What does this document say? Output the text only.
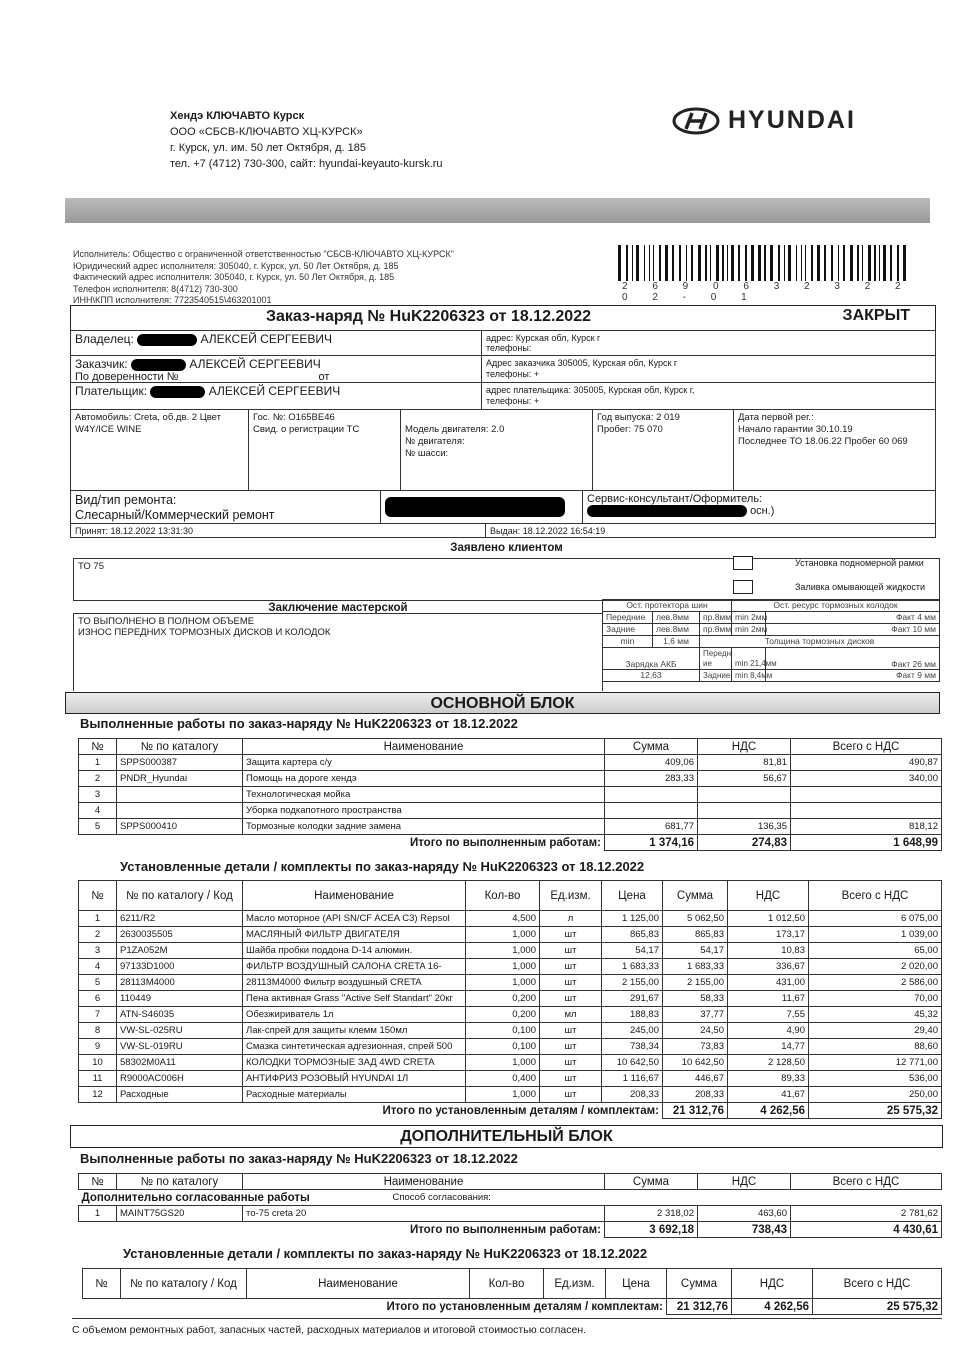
Хендэ КЛЮЧАВТО Курск
ООО «СБСВ-КЛЮЧАВТО ХЦ-КУРСК»
г. Курск, ул. им. 50 лет Октября, д. 185
тел. +7 (4712) 730-300, сайт: hyundai-keyauto-kursk.ru
HYUNDAI
Исполнитель: Общество с ограниченной ответственностью "СБСВ-КЛЮЧАВТО ХЦ-КУРСК"
Юридический адрес исполнителя: 305040, г. Курск, ул. 50 Лет Октября, д. 185
Фактический адрес исполнителя: 305040, г. Курск, ул. 50 Лет Октября, д. 185
Телефон исполнителя: 8(4712) 730-300
ИНН\КПП исполнителя: 7723540515\463201001
2 6 9 0 6 3 2 3 2 2 0 2 - 0 1
Заказ-наряд № HuK2206323 от 18.12.2022	ЗАКРЫТ
Владелец:	АЛЕКСЕЙ СЕРГЕЕВИЧ	адрес: Курская обл, Курск г
телефоны:
Заказчик:	АЛЕКСЕЙ СЕРГЕЕВИЧ
По доверенности №	от
Адрес заказчика 305005, Курская обл, Курск г
телефоны: +
Плательщик:	АЛЕКСЕЙ СЕРГЕЕВИЧ	адрес плательщика: 305005, Курская обл, Курск г,
телефоны: +
Автомобиль: Creta, об.дв. 2 Цвет
W4Y/ICE WINE
Гос. №: О165ВЕ46
Свид. о регистрации ТС	Модель двигателя: 2.0
№ двигателя:
№ шасси:
Год выпуска: 2 019
Пробег: 75 070
Дата первой рег.:
Начало гарантии 30.10.19
Последнее ТО 18.06.22 Пробег 60 069
Вид/тип ремонта:
Слесарный/Коммерческий ремонт
Сервис-консультант/Оформитель:
осн.)
Принят: 18.12.2022 13:31:30	Выдан: 18.12.2022 16:54:19
Заявлено клиентом
ТО 75	Установка подномерной рамки
Заливка омывающей жидкости
Заключение мастерской
ТО ВЫПОЛНЕНО В ПОЛНОМ ОБЪЕМЕ
ИЗНОС ПЕРЕДНИХ ТОРМОЗНЫХ ДИСКОВ И КОЛОДОК
Ост. протектора шин			Ост. ресурс тормозных колодок	
Передние	лев.8мм	пр.8мм	min 2мм	Факт 4 мм
Задние	лев.8мм	пр.8мм	min 2мм	Факт 10 мм
min	1,6 мм	Толщина тормозных дисков		
Зарядка АКБ		Передн ие	min 21,4мм	Факт 26 мм
12,63		Задние	min 8,4мм	Факт 9 мм
ОСНОВНОЙ БЛОК
Выполненные работы по заказ-наряду № HuK2206323 от 18.12.2022
№	№ по каталогу	Наименование	Сумма	НДС	Всего с НДС
1	SPPS000387	Защита картера с/у	409,06	81,81	490,87
2	PNDR_Hyundai	Помощь на дороге хендэ	283,33	56,67	340,00
3		Технологическая мойка			
4		Уборка подкапотного пространства			
5	SPPS000410	Тормозные колодки задние замена	681,77	136,35	818,12
Итого по выполненным работам:			1 374,16	274,83	1 648,99
Установленные детали / комплекты по заказ-наряду № HuK2206323 от 18.12.2022
№	№ по каталогу / Код	Наименование	Кол-во	Ед.изм.	Цена	Сумма	НДС	Всего с НДС
1	6211/R2	Масло моторное (API SN/CF ACEA C3) Repsol	4,500	л	1 125,00	5 062,50	1 012,50	6 075,00
2	2630035505	МАСЛЯНЫЙ ФИЛЬТР ДВИГАТЕЛЯ	1,000	шт	865,83	865,83	173,17	1 039,00
3	P1ZA052M	Шайба пробки поддона D-14 алюмин.	1,000	шт	54,17	54,17	10,83	65,00
4	97133D1000	ФИЛЬТР ВОЗДУШНЫЙ САЛОНА CRETA 16-	1,000	шт	1 683,33	1 683,33	336,67	2 020,00
5	28113M4000	28113M4000 Фильтр воздушный CRETA	1,000	шт	2 155,00	2 155,00	431,00	2 586,00
6	110449	Пена активная Grass "Active Self Standart" 20кг	0,200	шт	291,67	58,33	11,67	70,00
7	ATN-S46035	Обезжириватель 1л	0,200	мл	188,83	37,77	7,55	45,32
8	VW-SL-025RU	Лак-спрей для защиты клемм 150мл	0,100	шт	245,00	24,50	4,90	29,40
9	VW-SL-019RU	Смазка синтетическая адгезионная, спрей 500	0,100	шт	738,34	73,83	14,77	88,60
10	58302M0A11	КОЛОДКИ ТОРМОЗНЫЕ ЗАД 4WD CRETA	1,000	шт	10 642,50	10 642,50	2 128,50	12 771,00
11	R9000AC006H	АНТИФРИЗ РОЗОВЫЙ HYUNDAI 1Л	0,400	шт	1 116,67	446,67	89,33	536,00
12	Расходные	Расходные материалы	1,000	шт	208,33	208,33	41,67	250,00
Итого по установленным деталям / комплектам:						21 312,76	4 262,56	25 575,32
ДОПОЛНИТЕЛЬНЫЙ БЛОК
Выполненные работы по заказ-наряду № HuK2206323 от 18.12.2022
№	№ по каталогу	Наименование	Сумма	НДС	Всего с НДС
Дополнительно согласованные работы		Способ согласования:			
1	MAINT75GS20	то-75 creta 20	2 318,02	463,60	2 781,62
Итого по выполненным работам:			3 692,18	738,43	4 430,61
Установленные детали / комплекты по заказ-наряду № HuK2206323 от 18.12.2022
№	№ по каталогу / Код	Наименование	Кол-во	Ед.изм.	Цена	Сумма	НДС	Всего с НДС
Итого по установленным деталям / комплектам:						21 312,76	4 262,56	25 575,32
С объемом ремонтных работ, запасных частей, расходных материалов и итоговой стоимостью согласен.
